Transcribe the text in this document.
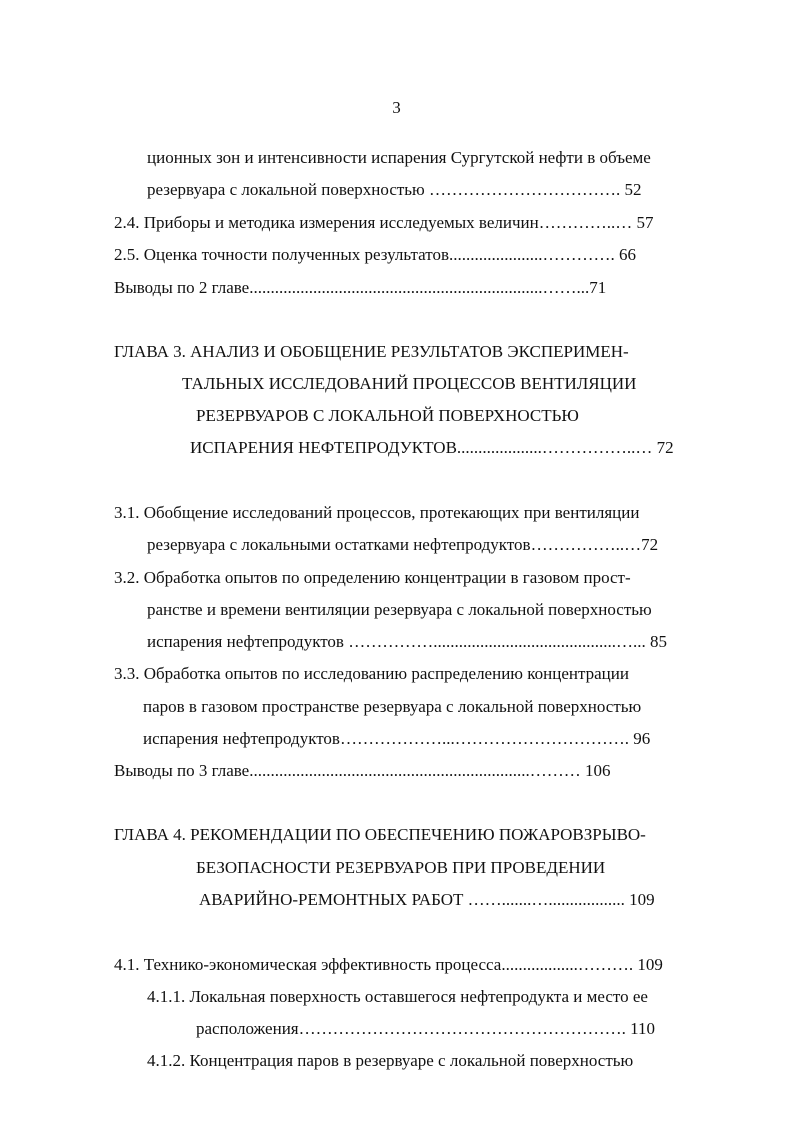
3
ционных зон и интенсивности испарения Сургутской нефти в объеме
резервуара с локальной поверхностью ……………………………. 52
2.4. Приборы и методика измерения исследуемых величин…………..… 57
2.5. Оценка точности полученных результатов......................…………. 66
Выводы по 2 главе.....................................................................……...71
ГЛАВА 3. АНАЛИЗ И ОБОБЩЕНИЕ РЕЗУЛЬТАТОВ ЭКСПЕРИМЕН-
ТАЛЬНЫХ ИССЛЕДОВАНИЙ ПРОЦЕССОВ ВЕНТИЛЯЦИИ
РЕЗЕРВУАРОВ С ЛОКАЛЬНОЙ ПОВЕРХНОСТЬЮ
ИСПАРЕНИЯ НЕФТЕПРОДУКТОВ....................……………..… 72
3.1. Обобщение исследований процессов, протекающих при вентиляции
резервуара с локальными остатками нефтепродуктов……………..…72
3.2. Обработка опытов по определению концентрации в газовом прост-
ранстве и времени вентиляции резервуара с локальной поверхностью
испарения нефтепродуктов ……………...........................................…... 85
3.3. Обработка опытов по исследованию распределению концентрации
паров в газовом пространстве резервуара с локальной поверхностью
испарения нефтепродуктов………………...…………………………. 96
Выводы по 3 главе..................................................................……… 106
ГЛАВА 4. РЕКОМЕНДАЦИИ ПО ОБЕСПЕЧЕНИЮ ПОЖАРОВЗРЫВО-
БЕЗОПАСНОСТИ РЕЗЕРВУАРОВ ПРИ ПРОВЕДЕНИИ
АВАРИЙНО-РЕМОНТНЫХ РАБОТ …….......….................. 109
4.1. Технико-экономическая эффективность процесса..................………. 109
4.1.1. Локальная поверхность оставшегося нефтепродукта и место ее
расположения…………………………………………………. 110
4.1.2. Концентрация паров в резервуаре с локальной поверхностью
